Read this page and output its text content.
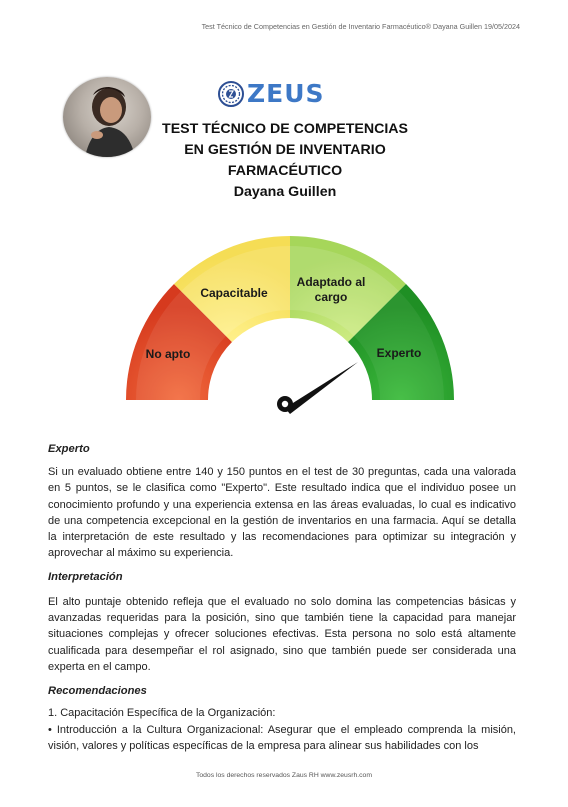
Test Técnico de Competencias en Gestión de Inventario Farmacéutico® Dayana Guillen 19/05/2024
ZEUS
TEST TÉCNICO DE COMPETENCIAS
EN GESTIÓN DE INVENTARIO
FARMACÉUTICO
Dayana Guillen
No apto
Capacitable
Adaptado al
cargo
Experto

Experto

Si un evaluado obtiene entre 140 y 150 puntos en el test de 30 preguntas, cada una valorada en 5 puntos, se le clasifica como "Experto". Este resultado indica que el individuo posee un conocimiento profundo y una experiencia extensa en las áreas evaluadas, lo cual es indicativo de una competencia excepcional en la gestión de inventarios en una farmacia. Aquí se detalla la interpretación de este resultado y las recomendaciones para optimizar su integración y aprovechar al máximo su experiencia.

Interpretación

El alto puntaje obtenido refleja que el evaluado no solo domina las competencias básicas y avanzadas requeridas para la posición, sino que también tiene la capacidad para manejar situaciones complejas y ofrecer soluciones efectivas. Esta persona no solo está altamente cualificada para desempeñar el rol asignado, sino que también puede ser considerada una experta en el campo.

Recomendaciones

1. Capacitación Específica de la Organización:

• Introducción a la Cultura Organizacional: Asegurar que el empleado comprenda la misión, visión, valores y políticas específicas de la empresa para alinear sus habilidades con los

Todos los derechos reservados Zaus RH www.zeusrh.com
